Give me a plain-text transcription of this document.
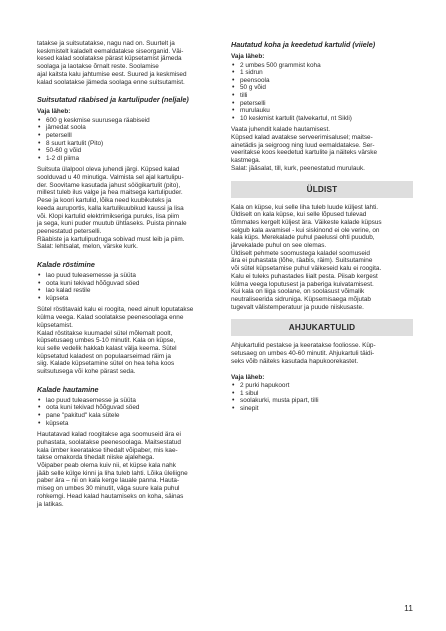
tatakse ja suitsutatakse, nagu nad on. Suurtelt ja
keskmistelt kaladelt eemaldatakse siseorganid. Väi-
kesed kalad soolatakse pärast küpsetamist jämeda
soolaga ja laotakse õrnalt reste. Soolamise
ajal kaitsta kalu jahtumise eest. Suured ja keskmised
kalad soolatakse jämeda soolaga enne suitsutamist.

Suitsutatud räabised ja kartulipuder (neljale)
Vaja läheb:
• 600 g keskmise suurusega räabiseid
• jämedat soola
• petersellI
• 8 suurt kartulit (Pito)
• 50-60 g võid
• 1-2 dl piima

Suitsuta ülalpool oleva juhendi järgi. Küpsed kalad
soolduvad u 40 minutiga. Valmista sel ajal kartulipu-
der. Soovitame kasutada jahust söögikartulit (pito),
millest tuleb ilus valge ja hea maitsega kartulipuder.
Pese ja koori kartulid, lõika need kuubikuteks ja
keeda auruportis, kalla kartulikuubikud kaussi ja lisa
või. Klopi kartulid elektrimikseriga puruks, lisa piim
ja sega, kuni puder muutub ühtlaseks. Puista pinnale
peenestatud peterselli.
Räabiste ja kartulipudruga sobivad must leib ja piim.
Salat: lehtsalat, melon, värske kurk.

Kalade röstimine
• lao puud tuleasemesse ja süüta
• oota kuni tekivad hõõguvad söed
• lao kalad restile
• küpseta

Sütel röstitavaid kalu ei roogita, need ainult loputatakse
külma veega. Kalad soolatakse peenesoolaga enne
küpsetamist.
Kalad röstitakse kuumadel sütel mõlemalt poolt,
küpsetusaeg umbes 5-10 minutit. Kala on küpse,
kui selle vedelik hakkab kalast välja keema. Sütel
küpsetatud kaladest on populaarseimad räim ja
siig. Kalade küpsetamine sütel on hea teha koos
suitsutusega või kohe pärast seda.

Kalade hautamine
• lao puud tuleasemesse ja süüta
• oota kuni tekivad hõõguvad söed
• pane "pakitud" kala sütele
• küpseta

Hautatavad kalad roogitakse aga soomuseid ära ei
puhastata, soolatakse peenesoolaga. Maitsestatud
kala ümber keeratakse tihedalt võipaber, mis kae-
takse omakorda tihedalt niiske ajalehega.
Võipaber peab olema kuiv nii, et küpse kala nahk
jääb selle külge kinni ja liha tuleb lahti. Lõika üleliigne
paber ära – nii on kala kerge lauale panna. Hauta-
miseg on umbes 30 minutit, väga suure kala puhul
rohkemgi. Head kalad hautamiseks on koha, säinas
ja latikas.

Hautatud koha ja keedetud kartulid (viiele)
Vaja läheb:
• 2 umbes 500 grammist koha
• 1 sidrun
• peensoola
• 50 g võid
• tilli
• peterselli
• murulauku
• 10 keskmist kartulit (talvekartul, nt Sikli)

Vaata juhendit kalade hautamisest.
Küpsed kalad avatakse serveerimisalusel; maitse-
ainetädis ja seigroog ning luud eemaldatakse. Ser-
veeritakse koos keedetud kartulite ja näiteks värske
kastmega.
Salat: jääsalat, till, kurk, peenestatud murulauk.

ÜLDIST

Kala on küpse, kui selle liha tuleb luude küljest lahti.
Üldiselt on kala küpse, kui selle lõpused tulevad
tõmmates kergelt küljest ära. Väikeste kalade küpsus
selgub kala avamisel - kui siskinond ei ole verine, on
kala küps. Merekalade puhul paelussi ohti puudub,
järvekalade puhul on see olemas.
Üldiselt pehmete soomustega kaladel soomuseid
ära ei puhastata (lõhe, räabis, räim). Suitsutamine
või sütel küpsetamise puhul väikeseid kalu ei roogita.
Kalu ei tuleks puhastades liialt pesta. Piisab kergest
külma veega loputusest ja paberiga kuivatamisest.
Kui kala on liiga soolane, on soolasust võimalik
neutraliseerida sidruniga. Küpsemisaega mõjutab
tugevalt välistemperatuur ja puude niiskusaste.

AHJUKARTULID

Ahjukartulid pestakse ja keeratakse fooliosse. Küp-
setusaeg on umbes 40-60 minutit. Ahjukartuli täidi-
seks võib näiteks kasutada hapukoorekastet.

Vaja läheb:
• 2 purki hapukoort
• 1 sibul
• soolakurki, musta pipart, tilli
• sinepit
11
